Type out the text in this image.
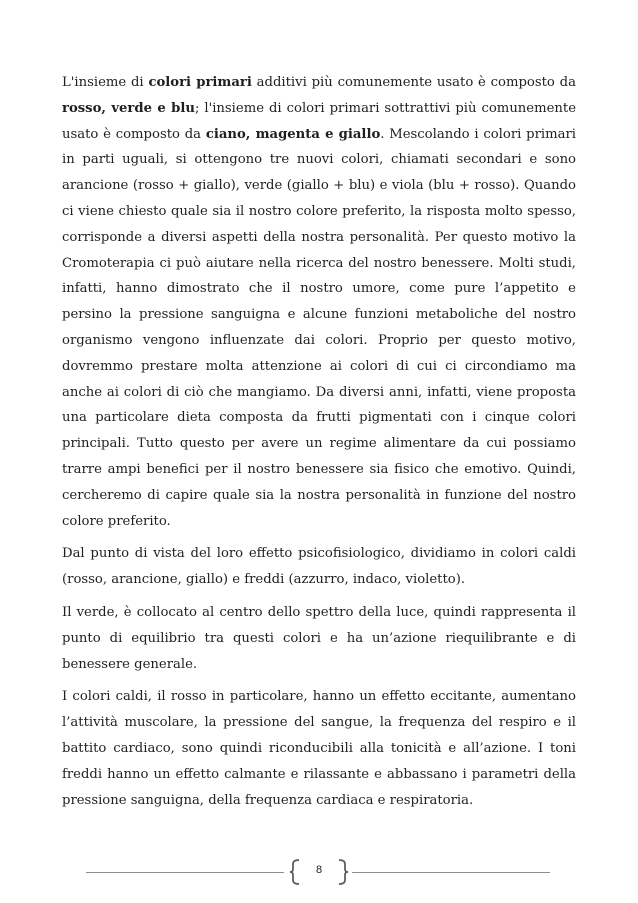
L'insieme di colori primari additivi più comunemente usato è composto da rosso, verde e blu; l'insieme di colori primari sottrattivi più comunemente usato è composto da ciano, magenta e giallo. Mescolando i colori primari in parti uguali, si ottengono tre nuovi colori, chiamati secondari e sono arancione (rosso + giallo), verde (giallo + blu) e viola (blu + rosso). Quando ci viene chiesto quale sia il nostro colore preferito, la risposta molto spesso, corrisponde a diversi aspetti della nostra personalità. Per questo motivo la Cromoterapia ci può aiutare nella ricerca del nostro benessere. Molti studi, infatti, hanno dimostrato che il nostro umore, come pure l’appetito e persino la pressione sanguigna e alcune funzioni metaboliche del nostro organismo vengono influenzate dai colori. Proprio per questo motivo, dovremmo prestare molta attenzione ai colori di cui ci circondiamo ma anche ai colori di ciò che mangiamo. Da diversi anni, infatti, viene proposta una particolare dieta composta da frutti pigmentati con i cinque colori principali. Tutto questo per avere un regime alimentare da cui possiamo trarre ampi benefici per il nostro benessere sia fisico che emotivo. Quindi, cercheremo di capire quale sia la nostra personalità in funzione del nostro colore preferito.

Dal punto di vista del loro effetto psicofisiologico, dividiamo in colori caldi (rosso, arancione, giallo) e freddi (azzurro, indaco, violetto).

Il verde, è collocato al centro dello spettro della luce, quindi rappresenta il punto di equilibrio tra questi colori e ha un’azione riequilibrante e di benessere generale.

I colori caldi, il rosso in particolare, hanno un effetto eccitante, aumentano l’attività muscolare, la pressione del sangue, la frequenza del respiro e il battito cardiaco, sono quindi riconducibili alla tonicità e all’azione. I toni freddi hanno un effetto calmante e rilassante e abbassano i parametri della pressione sanguigna, della frequenza cardiaca e respiratoria.

8
